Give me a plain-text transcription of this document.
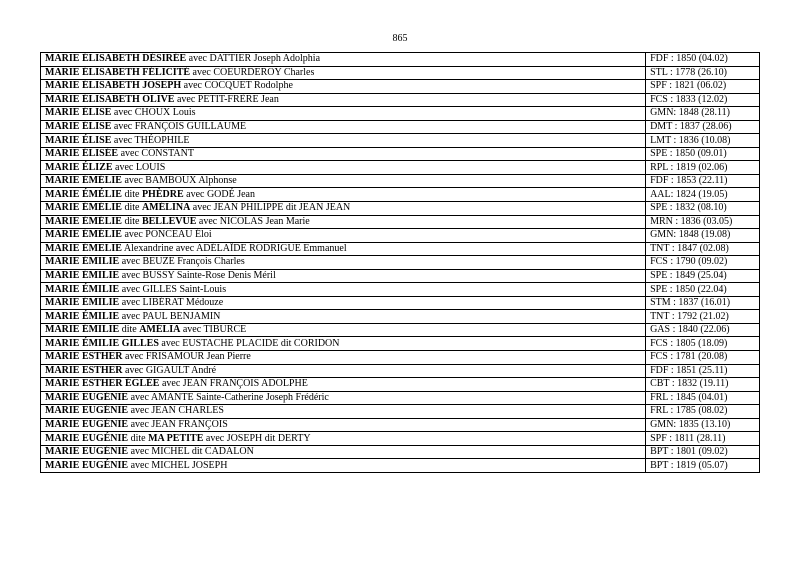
865
MARIE ÉLISABETH DÉSIRÉE avec DATTIER Joseph Adolphia	FDF : 1850 (04.02)
MARIE ÉLISABETH FÉLICITÉ avec COEURDEROY Charles	STL : 1778 (26.10)
MARIE ÉLISABETH JOSEPH avec COCQUET Rodolphe	SPF : 1821 (06.02)
MARIE ÉLISABETH OLIVE avec PETIT-FRÈRE Jean	FCS : 1833 (12.02)
MARIE ÉLISE avec CHOUX Louis	GMN: 1848 (28.11)
MARIE ÉLISE avec FRANÇOIS GUILLAUME	DMT : 1837 (28.06)
MARIE ÉLISE avec THÉOPHILE	LMT : 1836 (10.08)
MARIE ÉLISÉE avec CONSTANT	SPE : 1850 (09.01)
MARIE ÉLIZE avec LOUIS	RPL : 1819 (02.06)
MARIE ÉMÉLIE avec BAMBOUX Alphonse	FDF : 1853 (22.11)
MARIE ÉMÉLIE dite PHÈDRE avec GODÉ Jean	AAL: 1824 (19.05)
MARIE ÉMÉLIE dite AMÉLINA avec JEAN PHILIPPE dit JEAN JEAN	SPE : 1832 (08.10)
MARIE ÉMÉLIE dite BELLEVUE avec NICOLAS Jean Marie	MRN : 1836 (03.05)
MARIE ÉMÉLIE avec PONCEAU Éloi	GMN: 1848 (19.08)
MARIE ÉMELIE Alexandrine avec ADÉLAÏDE RODRIGUE Emmanuel	TNT : 1847 (02.08)
MARIE ÉMILIE avec BEUZE François Charles	FCS : 1790 (09.02)
MARIE ÉMILIE avec BUSSY Sainte-Rose Denis Méril	SPE : 1849 (25.04)
MARIE ÉMILIE avec GILLES Saint-Louis	SPE : 1850 (22.04)
MARIE ÉMILIE avec LIBÉRAT Médouze	STM : 1837 (16.01)
MARIE ÉMILIE avec PAUL BENJAMIN	TNT : 1792 (21.02)
MARIE ÉMILIE dite AMÉLIA avec TIBURCE	GAS : 1840 (22.06)
MARIE ÉMILIE GILLES avec EUSTACHE PLACIDE dit CORIDON	FCS : 1805 (18.09)
MARIE ESTHER avec FRISAMOUR Jean Pierre	FCS : 1781 (20.08)
MARIE ESTHER avec GIGAULT André	FDF : 1851 (25.11)
MARIE ESTHER ÉGLÉE avec JEAN FRANÇOIS ADOLPHE	CBT : 1832 (19.11)
MARIE EUGÉNIE avec AMANTE Sainte-Catherine Joseph Frédéric	FRL : 1845 (04.01)
MARIE EUGÉNIE avec JEAN CHARLES	FRL : 1785 (08.02)
MARIE EUGÉNIE avec JEAN FRANÇOIS	GMN: 1835 (13.10)
MARIE EUGÉNIE dite MA PETITE avec JOSEPH dit DERTY	SPF : 1811 (28.11)
MARIE EUGÉNIE avec MICHEL dit CADALON	BPT : 1801 (09.02)
MARIE EUGÉNIE avec MICHEL JOSEPH	BPT : 1819 (05.07)
